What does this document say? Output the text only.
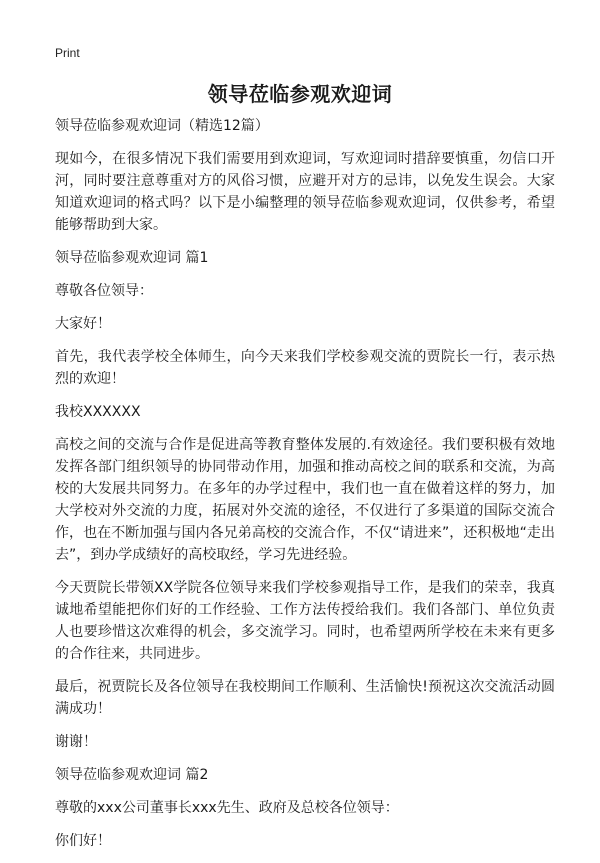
Print
领导莅临参观欢迎词

领导莅临参观欢迎词（精选12篇）

现如今，在很多情况下我们需要用到欢迎词，写欢迎词时措辞要慎重，勿信口开河，同时要注意尊重对方的风俗习惯，应避开对方的忌讳，以免发生误会。大家知道欢迎词的格式吗？以下是小编整理的领导莅临参观欢迎词，仅供参考，希望能够帮助到大家。

领导莅临参观欢迎词 篇1

尊敬各位领导：

大家好！

首先，我代表学校全体师生，向今天来我们学校参观交流的贾院长一行，表示热烈的欢迎！

我校XXXXXX

高校之间的交流与合作是促进高等教育整体发展的.有效途径。我们要积极有效地发挥各部门组织领导的协同带动作用，加强和推动高校之间的联系和交流，为高校的大发展共同努力。在多年的办学过程中，我们也一直在做着这样的努力，加大学校对外交流的力度，拓展对外交流的途径，不仅进行了多渠道的国际交流合作，也在不断加强与国内各兄弟高校的交流合作，不仅“请进来”，还积极地“走出去”，到办学成绩好的高校取经，学习先进经验。

今天贾院长带领XX学院各位领导来我们学校参观指导工作，是我们的荣幸，我真诚地希望能把你们好的工作经验、工作方法传授给我们。我们各部门、单位负责人也要珍惜这次难得的机会，多交流学习。同时，也希望两所学校在未来有更多的合作往来，共同进步。

最后，祝贾院长及各位领导在我校期间工作顺利、生活愉快!预祝这次交流活动圆满成功！

谢谢！

领导莅临参观欢迎词 篇2

尊敬的xxx公司董事长xxx先生、政府及总校各位领导：

你们好！
